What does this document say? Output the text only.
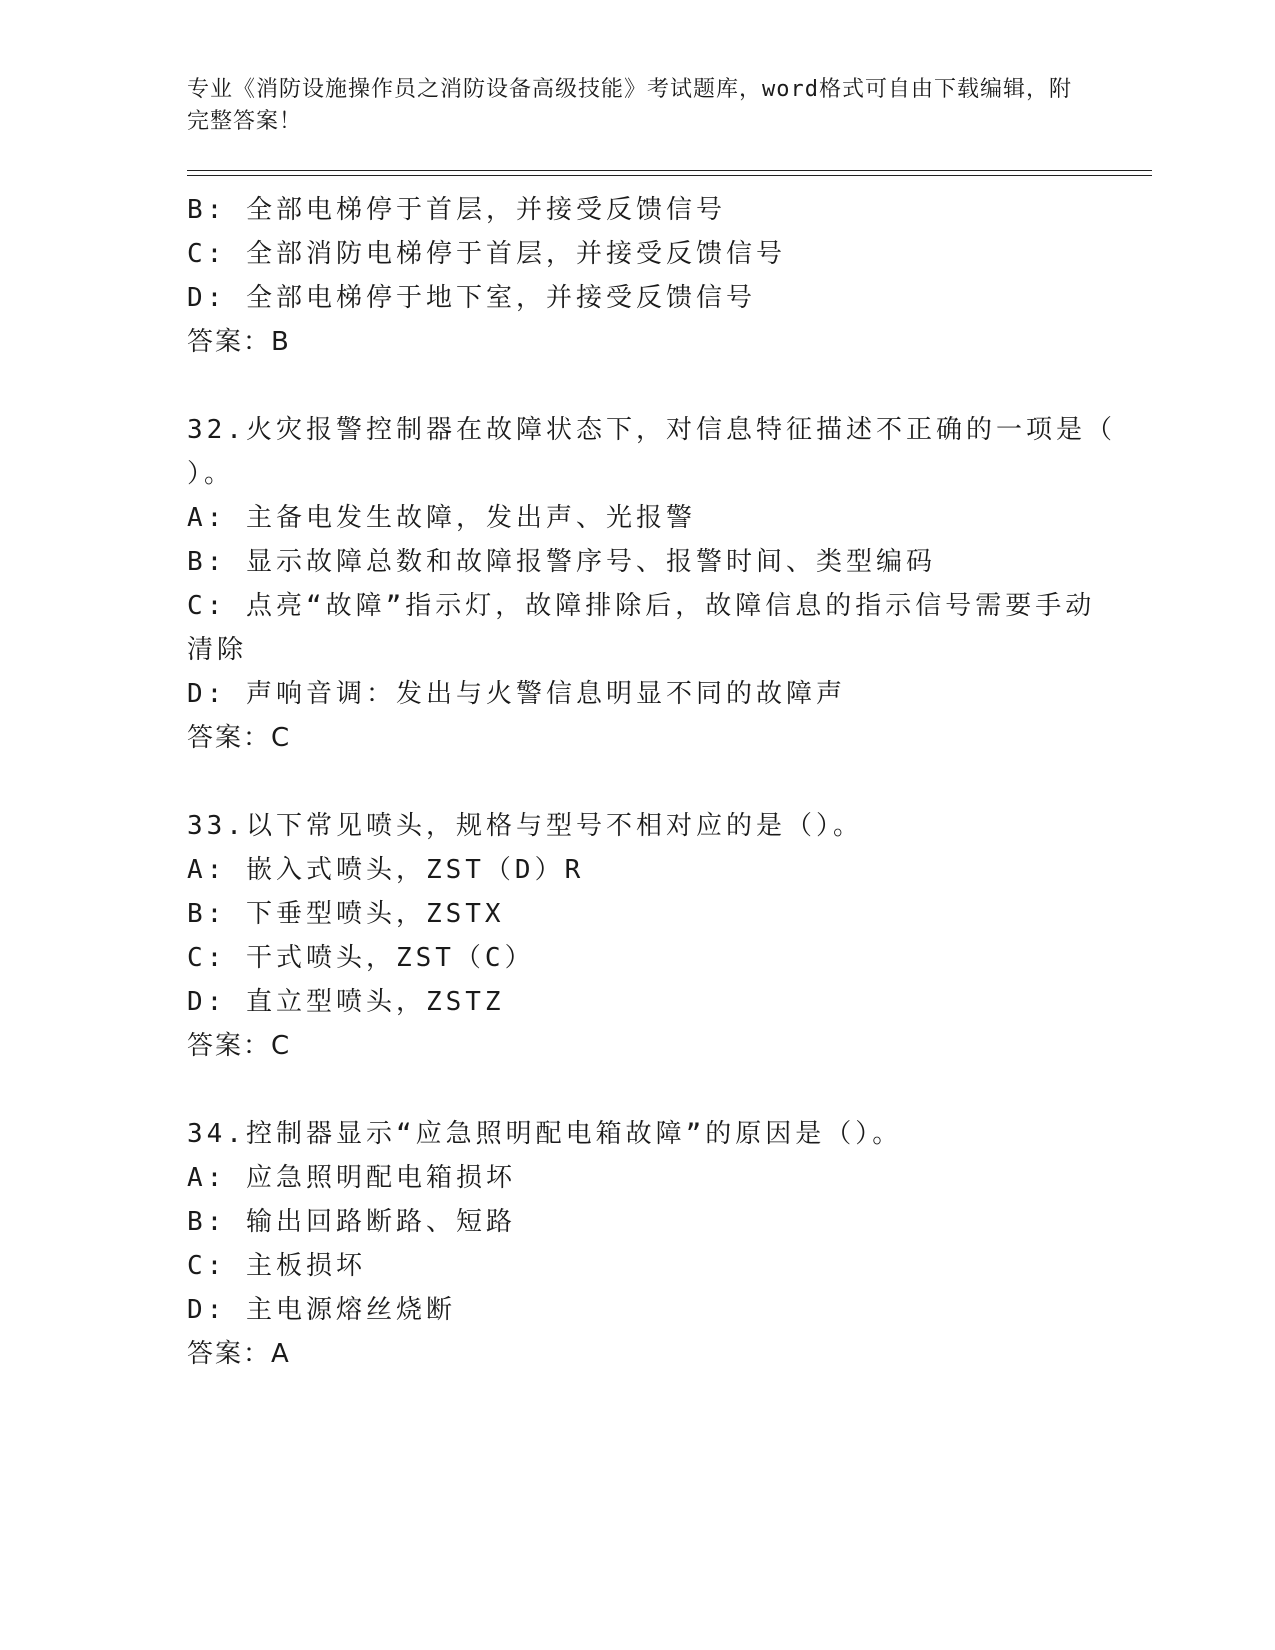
专业《消防设施操作员之消防设备高级技能》考试题库，word格式可自由下载编辑，附完整答案！
B: 全部电梯停于首层，并接受反馈信号
C: 全部消防电梯停于首层，并接受反馈信号
D: 全部电梯停于地下室，并接受反馈信号
答案：B
32.火灾报警控制器在故障状态下，对信息特征描述不正确的一项是（
）。
A: 主备电发生故障，发出声、光报警
B: 显示故障总数和故障报警序号、报警时间、类型编码
C: 点亮“故障”指示灯，故障排除后，故障信息的指示信号需要手动
清除
D: 声响音调：发出与火警信息明显不同的故障声
答案：C
33.以下常见喷头，规格与型号不相对应的是（）。
A: 嵌入式喷头，ZST（D）R
B: 下垂型喷头，ZSTX
C: 干式喷头，ZST（C）
D: 直立型喷头，ZSTZ
答案：C
34.控制器显示“应急照明配电箱故障”的原因是（）。
A: 应急照明配电箱损坏
B: 输出回路断路、短路
C: 主板损坏
D: 主电源熔丝烧断
答案：A
